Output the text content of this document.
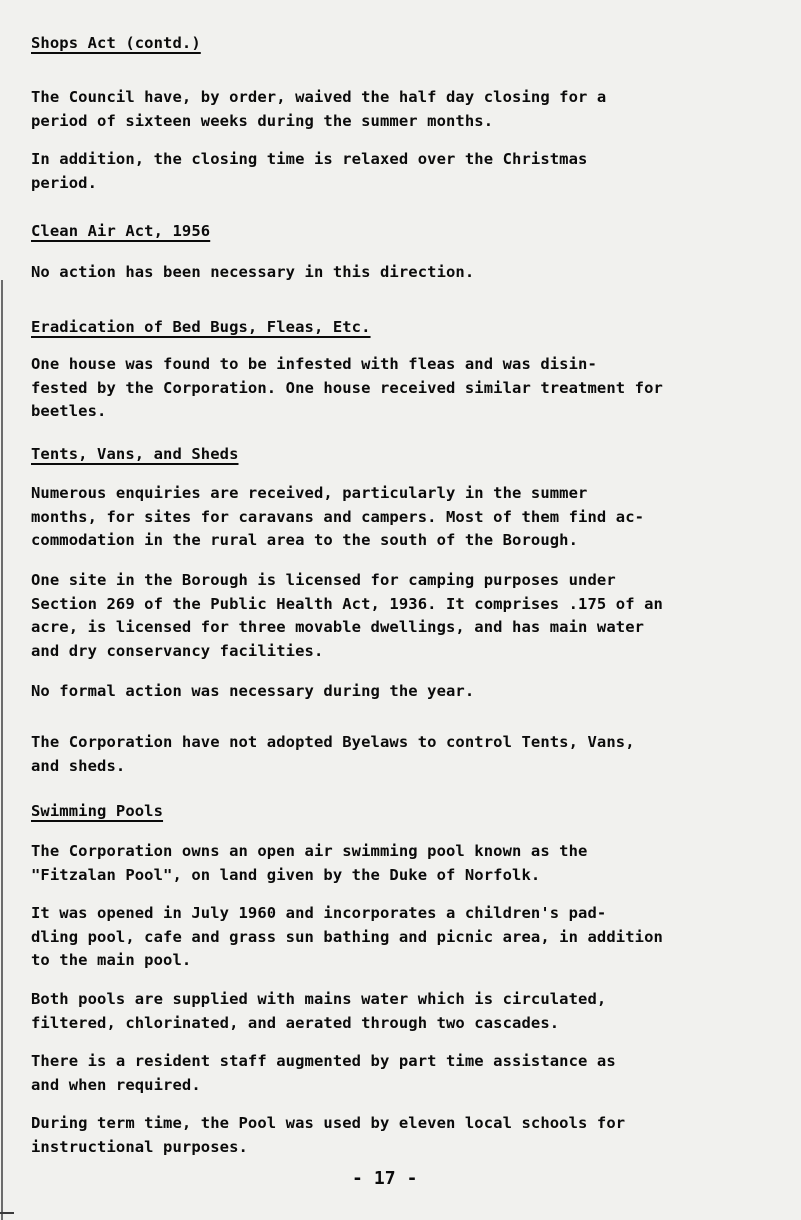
Shops Act (contd.)

The Council have, by order, waived the half day closing for a
period of sixteen weeks during the summer months.

In addition, the closing time is relaxed over the Christmas
period.

Clean Air Act, 1956

No action has been necessary in this direction.

Eradication of Bed Bugs, Fleas, Etc.

One house was found to be infested with fleas and was disin-
fested by the Corporation. One house received similar treatment for
beetles.

Tents, Vans, and Sheds

Numerous enquiries are received, particularly in the summer
months, for sites for caravans and campers. Most of them find ac-
commodation in the rural area to the south of the Borough.

One site in the Borough is licensed for camping purposes under
Section 269 of the Public Health Act, 1936. It comprises .175 of an
acre, is licensed for three movable dwellings, and has main water
and dry conservancy facilities.

No formal action was necessary during the year.

The Corporation have not adopted Byelaws to control Tents, Vans,
and sheds.

Swimming Pools

The Corporation owns an open air swimming pool known as the
"Fitzalan Pool", on land given by the Duke of Norfolk.

It was opened in July 1960 and incorporates a children's pad-
dling pool, cafe and grass sun bathing and picnic area, in addition
to the main pool.

Both pools are supplied with mains water which is circulated,
filtered, chlorinated, and aerated through two cascades.

There is a resident staff augmented by part time assistance as
and when required.

During term time, the Pool was used by eleven local schools for
instructional purposes.

- 17 -
